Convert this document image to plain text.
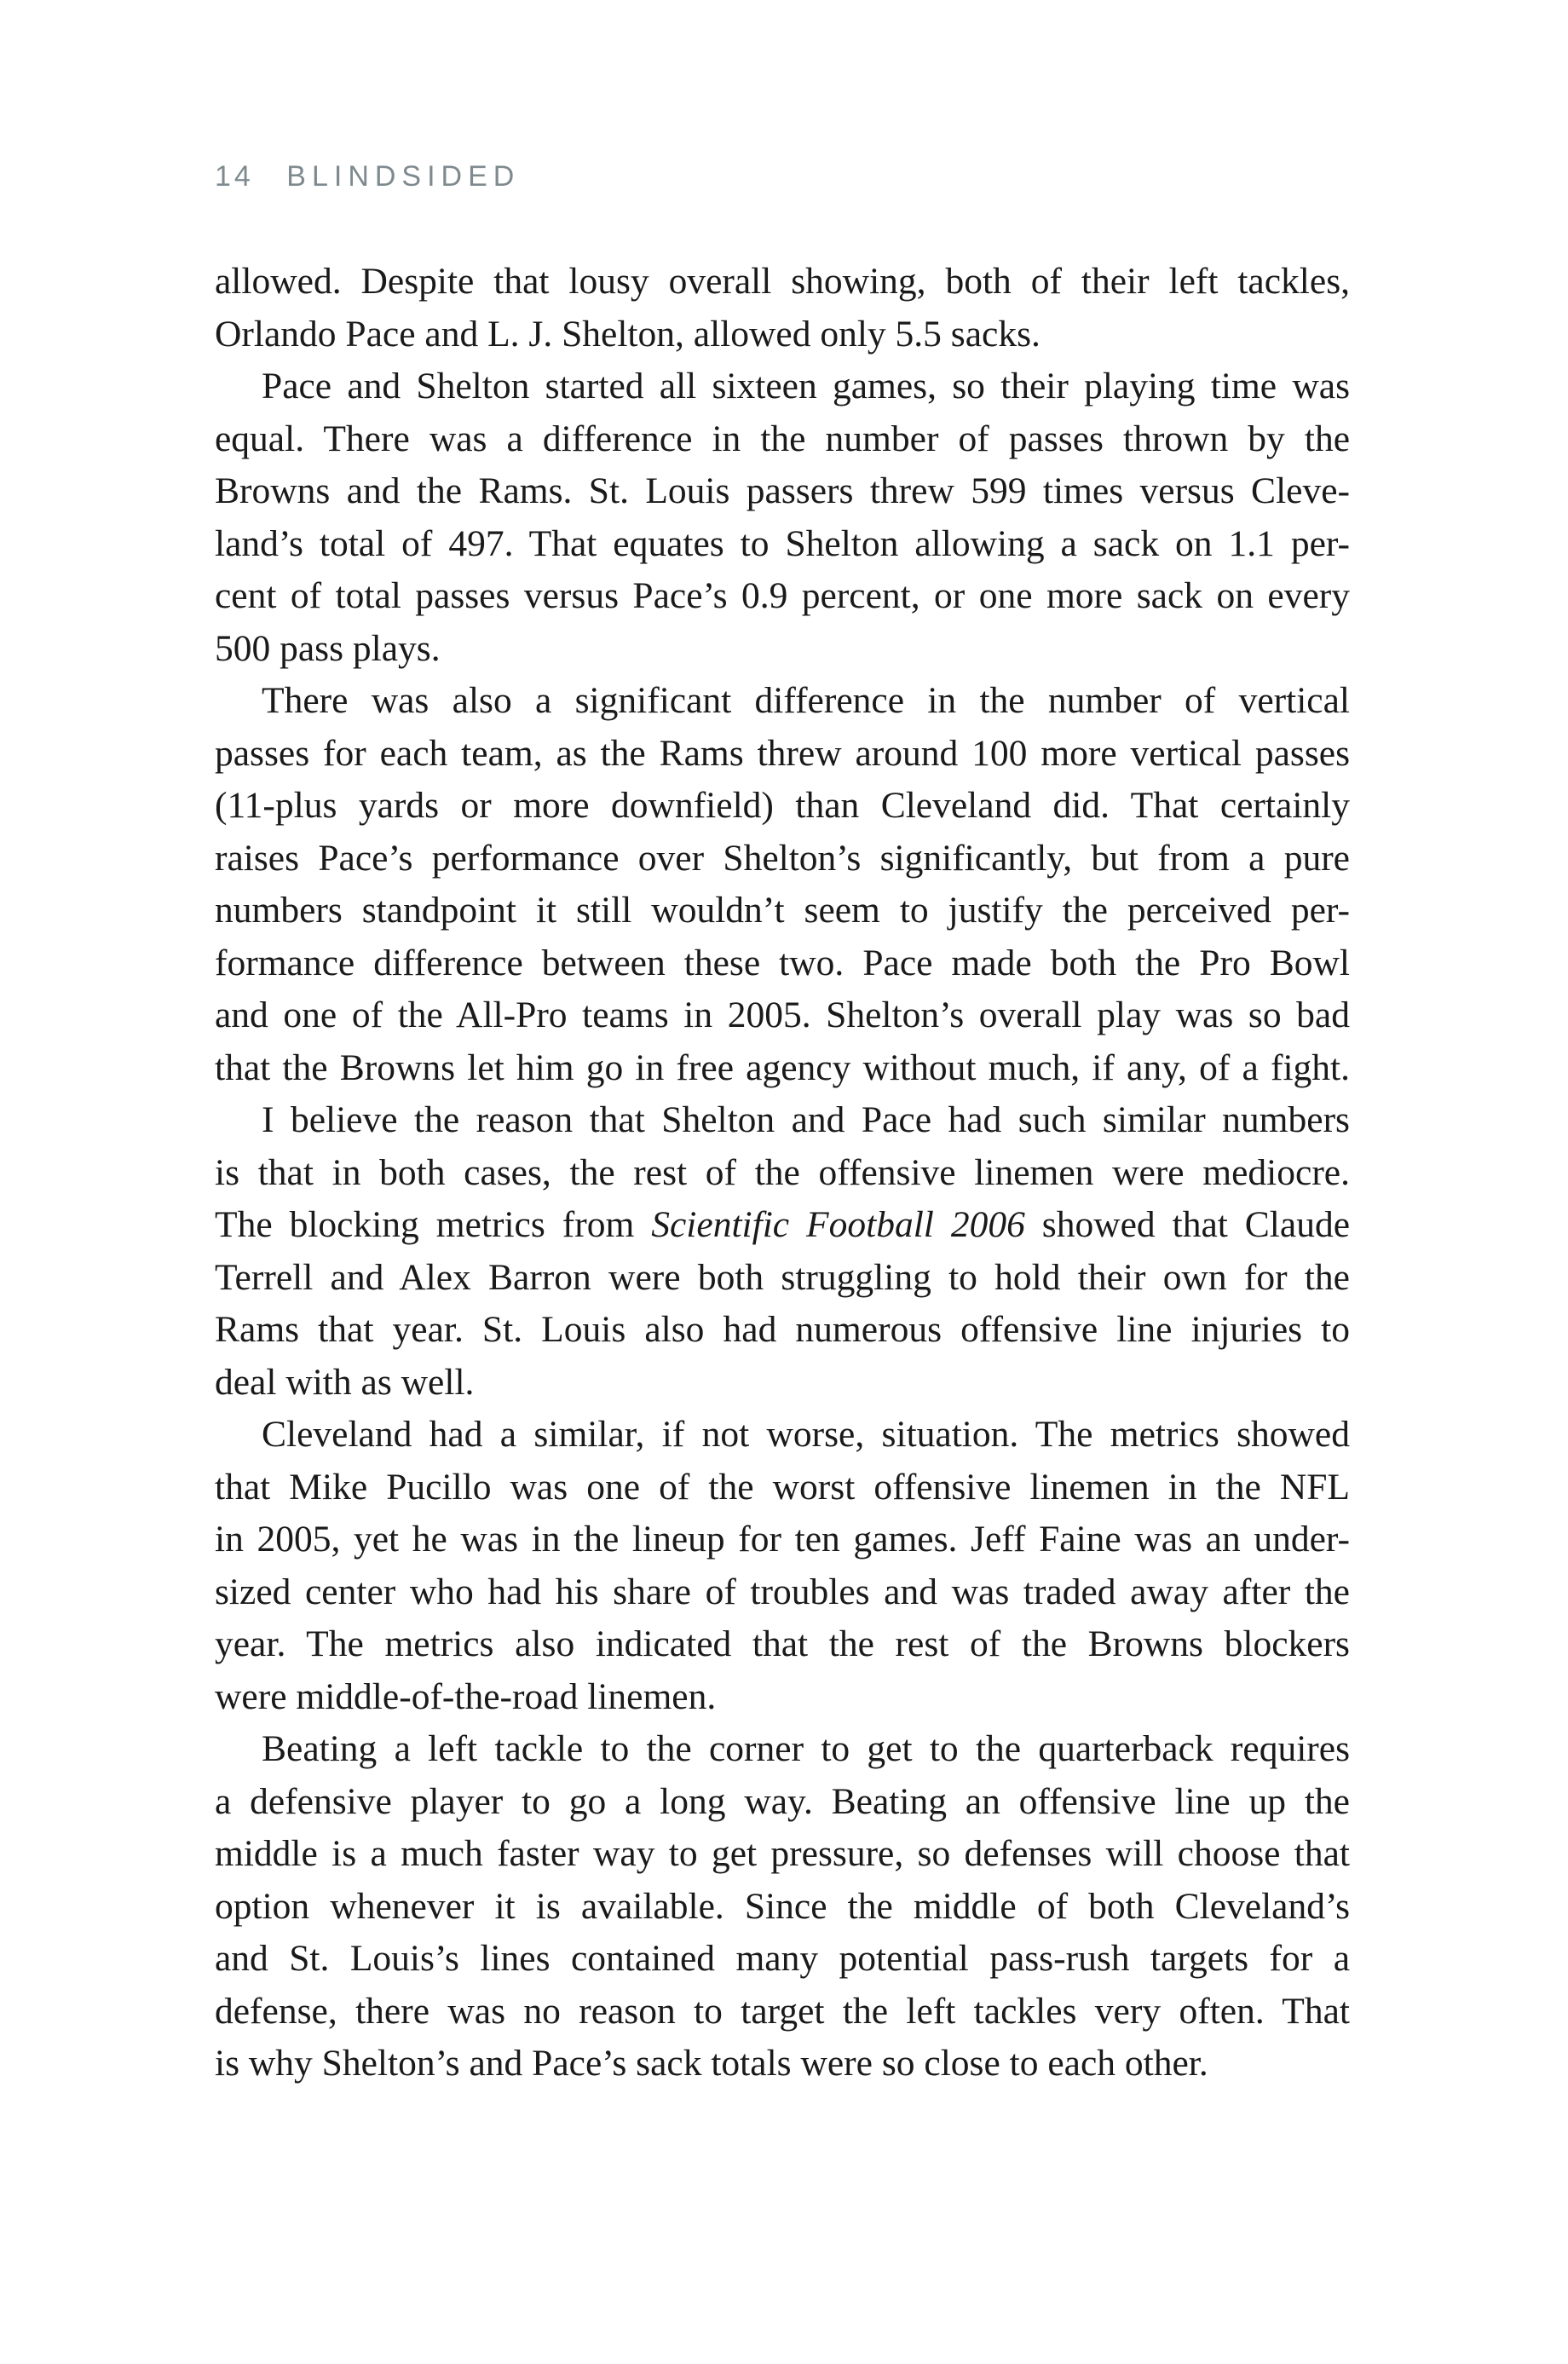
14 BLINDSIDED

allowed. Despite that lousy overall showing, both of their left tackles,
Orlando Pace and L. J. Shelton, allowed only 5.5 sacks.

Pace and Shelton started all sixteen games, so their playing time was
equal. There was a difference in the number of passes thrown by the
Browns and the Rams. St. Louis passers threw 599 times versus Cleve-
land’s total of 497. That equates to Shelton allowing a sack on 1.1 per-
cent of total passes versus Pace’s 0.9 percent, or one more sack on every
500 pass plays.

There was also a significant difference in the number of vertical
passes for each team, as the Rams threw around 100 more vertical passes
(11-plus yards or more downfield) than Cleveland did. That certainly
raises Pace’s performance over Shelton’s significantly, but from a pure
numbers standpoint it still wouldn’t seem to justify the perceived per-
formance difference between these two. Pace made both the Pro Bowl
and one of the All-Pro teams in 2005. Shelton’s overall play was so bad
that the Browns let him go in free agency without much, if any, of a fight.

I believe the reason that Shelton and Pace had such similar numbers
is that in both cases, the rest of the offensive linemen were mediocre.
The blocking metrics from Scientific Football 2006 showed that Claude
Terrell and Alex Barron were both struggling to hold their own for the
Rams that year. St. Louis also had numerous offensive line injuries to
deal with as well.

Cleveland had a similar, if not worse, situation. The metrics showed
that Mike Pucillo was one of the worst offensive linemen in the NFL
in 2005, yet he was in the lineup for ten games. Jeff Faine was an under-
sized center who had his share of troubles and was traded away after the
year. The metrics also indicated that the rest of the Browns blockers
were middle-of-the-road linemen.

Beating a left tackle to the corner to get to the quarterback requires
a defensive player to go a long way. Beating an offensive line up the
middle is a much faster way to get pressure, so defenses will choose that
option whenever it is available. Since the middle of both Cleveland’s
and St. Louis’s lines contained many potential pass-rush targets for a
defense, there was no reason to target the left tackles very often. That
is why Shelton’s and Pace’s sack totals were so close to each other.
